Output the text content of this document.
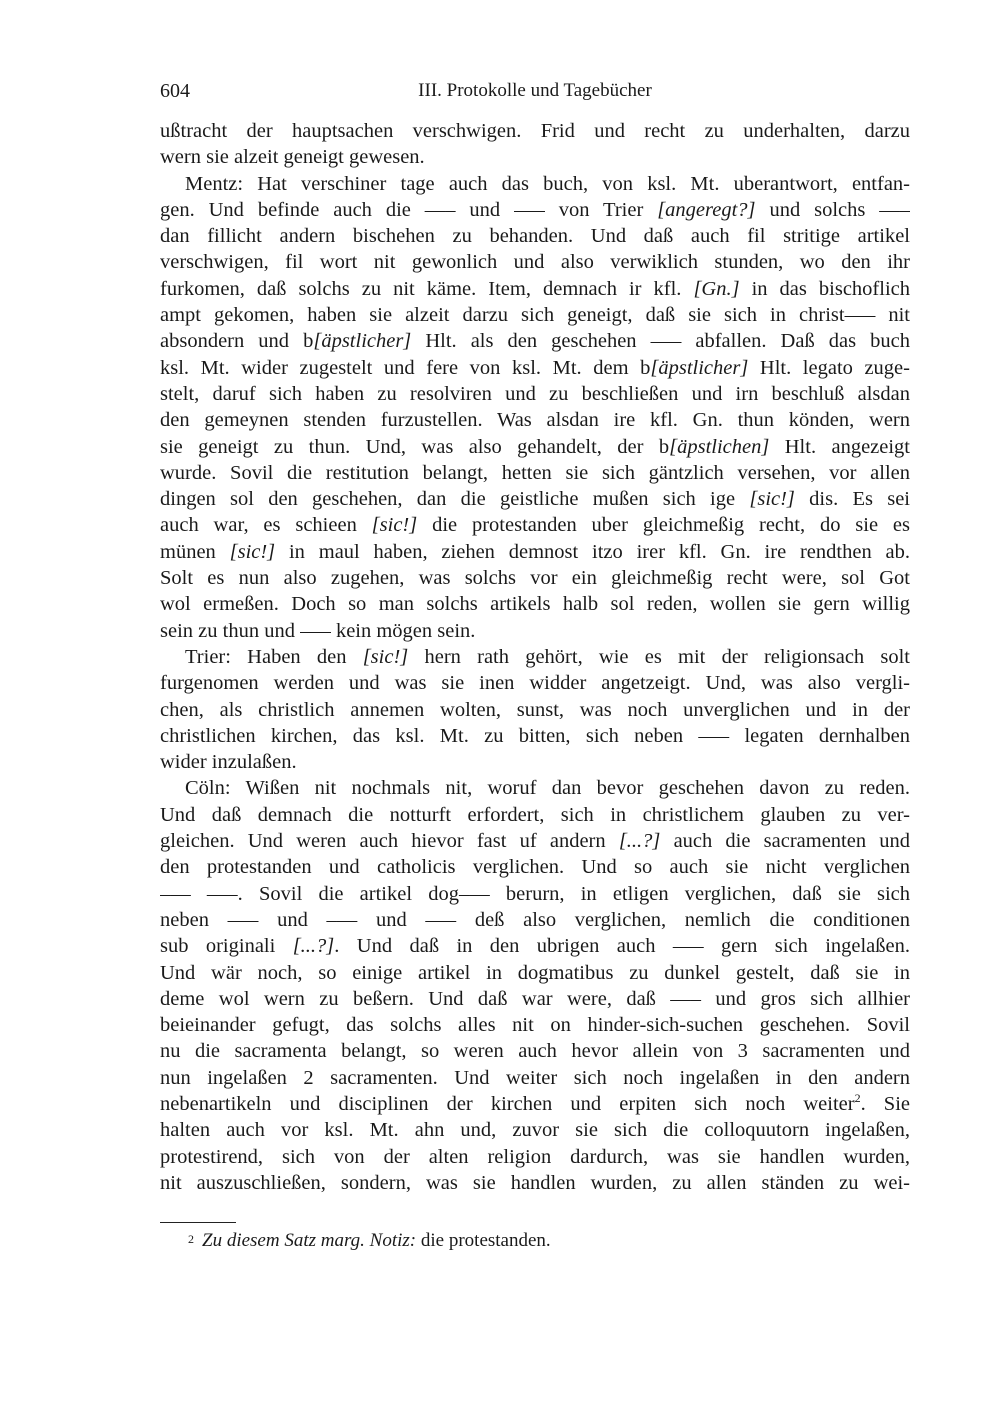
604	III. Protokolle und Tagebücher
ußtracht der hauptsachen verschwigen. Frid und recht zu underhalten, darzu
wern sie alzeit geneigt gewesen.
Mentz: Hat verschiner tage auch das buch, von ksl. Mt. uberantwort, entfan-
gen. Und befinde auch die ––– und ––– von Trier [angeregt?] und solchs –––
dan fillicht andern bischehen zu behanden. Und daß auch fil stritige artikel
verschwigen, fil wort nit gewonlich und also verwiklich stunden, wo den ihr
furkomen, daß solchs zu nit käme. Item, demnach ir kfl. [Gn.] in das bischoflich
ampt gekomen, haben sie alzeit darzu sich geneigt, daß sie sich in christ––– nit
absondern und b[äpstlicher] Hlt. als den geschehen ––– abfallen. Daß das buch
ksl. Mt. wider zugestelt und fere von ksl. Mt. dem b[äpstlicher] Hlt. legato zuge-
stelt, daruf sich haben zu resolviren und zu beschließen und irn beschluß alsdan
den gemeynen stenden furzustellen. Was alsdan ire kfl. Gn. thun könden, wern
sie geneigt zu thun. Und, was also gehandelt, der b[äpstlichen] Hlt. angezeigt
wurde. Sovil die restitution belangt, hetten sie sich gäntzlich versehen, vor allen
dingen sol den geschehen, dan die geistliche mußen sich ige [sic!] dis. Es sei
auch war, es schieen [sic!] die protestanden uber gleichmeßig recht, do sie es
münen [sic!] in maul haben, ziehen demnost itzo irer kfl. Gn. ire rendthen ab.
Solt es nun also zugehen, was solchs vor ein gleichmeßig recht were, sol Got
wol ermeßen. Doch so man solchs artikels halb sol reden, wollen sie gern willig
sein zu thun und ––– kein mögen sein.
Trier: Haben den [sic!] hern rath gehört, wie es mit der religionsach solt
furgenomen werden und was sie inen widder angetzeigt. Und, was also vergli-
chen, als christlich annemen wolten, sunst, was noch unverglichen und in der
christlichen kirchen, das ksl. Mt. zu bitten, sich neben ––– legaten dernhalben
wider inzulaßen.
Cöln: Wißen nit nochmals nit, woruf dan bevor geschehen davon zu reden.
Und daß demnach die notturft erfordert, sich in christlichem glauben zu ver-
gleichen. Und weren auch hievor fast uf andern [...?] auch die sacramenten und
den protestanden und catholicis verglichen. Und so auch sie nicht verglichen
––– –––. Sovil die artikel dog––– berurn, in etligen verglichen, daß sie sich
neben ––– und ––– und ––– deß also verglichen, nemlich die conditionen
sub originali [...?]. Und daß in den ubrigen auch ––– gern sich ingelaßen.
Und wär noch, so einige artikel in dogmatibus zu dunkel gestelt, daß sie in
deme wol wern zu beßern. Und daß war were, daß ––– und gros sich allhier
beieinander gefugt, das solchs alles nit on hinder-sich-suchen geschehen. Sovil
nu die sacramenta belangt, so weren auch hevor allein von 3 sacramenten und
nun ingelaßen 2 sacramenten. Und weiter sich noch ingelaßen in den andern
nebenartikeln und disciplinen der kirchen und erpiten sich noch weiter$^2$. Sie
halten auch vor ksl. Mt. ahn und, zuvor sie sich die colloquutorn ingelaßen,
protestirend, sich von der alten religion dardurch, was sie handlen wurden,
nit auszuschließen, sondern, was sie handlen wurden, zu allen ständen zu wei-
$^2$ Zu diesem Satz marg. Notiz: die protestanden.
